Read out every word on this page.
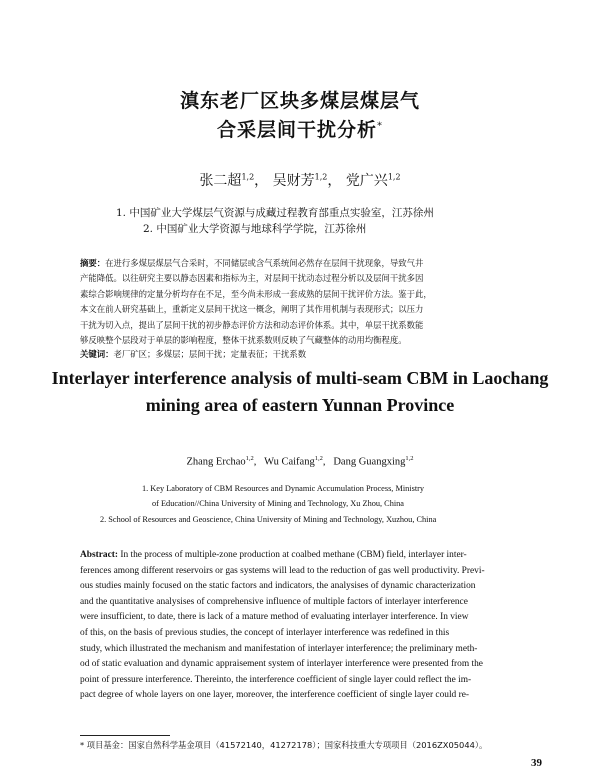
滇东老厂区块多煤层煤层气
合采层间干扰分析*
张二超$^{1,2}$， 吴财芳$^{1,2}$， 党广兴$^{1,2}$
1. 中国矿业大学煤层气资源与成藏过程教育部重点实验室，江苏徐州
2. 中国矿业大学资源与地球科学学院，江苏徐州
摘要：在进行多煤层煤层气合采时，不同储层或含气系统间必然存在层间干扰现象，导致气井
产能降低。以往研究主要以静态因素和指标为主，对层间干扰动态过程分析以及层间干扰多因
素综合影响规律的定量分析均存在不足，至今尚未形成一套成熟的层间干扰评价方法。鉴于此，
本文在前人研究基础上，重新定义层间干扰这一概念，阐明了其作用机制与表现形式；以压力
干扰为切入点，提出了层间干扰的初步静态评价方法和动态评价体系。其中，单层干扰系数能
够反映整个层段对于单层的影响程度，整体干扰系数则反映了气藏整体的动用均衡程度。
关键词：老厂矿区；多煤层；层间干扰；定量表征；干扰系数
Interlayer interference analysis of multi-seam CBM in Laochang
mining area of eastern Yunnan Province
Zhang Erchao$^{1,2}$,   Wu Caifang$^{1,2}$,   Dang Guangxing$^{1,2}$
1. Key Laboratory of CBM Resources and Dynamic Accumulation Process, Ministry
of Education//China University of Mining and Technology, Xu Zhou, China
2. School of Resources and Geoscience, China University of Mining and Technology, Xuzhou, China
Abstract: In the process of multiple-zone production at coalbed methane (CBM) field, interlayer inter-
ferences among different reservoirs or gas systems will lead to the reduction of gas well productivity. Previ-
ous studies mainly focused on the static factors and indicators, the analysises of dynamic characterization
and the quantitative analysises of comprehensive influence of multiple factors of interlayer interference
were insufficient, to date, there is lack of a mature method of evaluating interlayer interference. In view
of this, on the basis of previous studies, the concept of interlayer interference was redefined in this
study, which illustrated the mechanism and manifestation of interlayer interference; the preliminary meth-
od of static evaluation and dynamic appraisement system of interlayer interference were presented from the
point of pressure interference. Thereinto, the interference coefficient of single layer could reflect the im-
pact degree of whole layers on one layer, moreover, the interference coefficient of single layer could re-
* 项目基金：国家自然科学基金项目（41572140，41272178）；国家科技重大专项项目（2016ZX05044）。
39
